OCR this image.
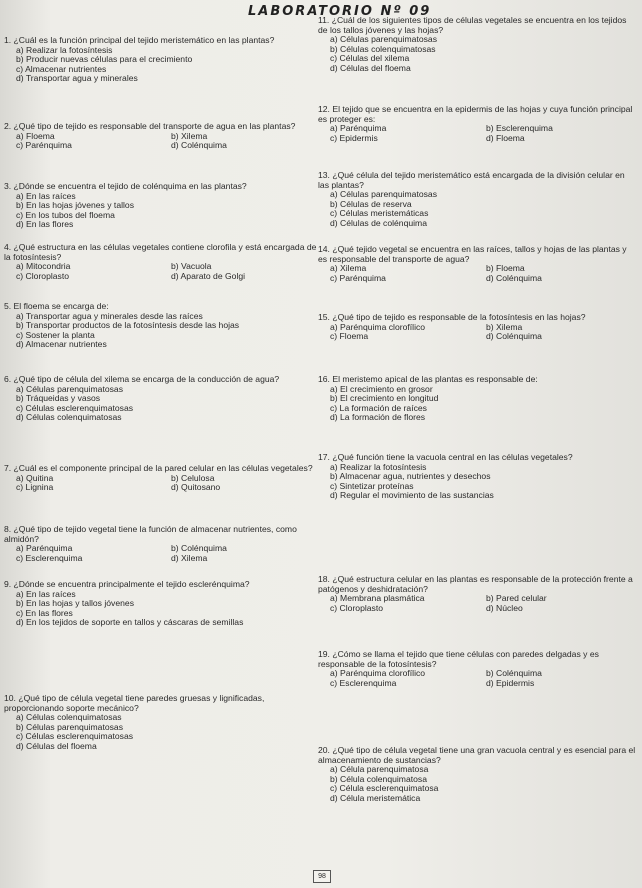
LABORATORIO Nº 09
1. ¿Cuál es la función principal del tejido meristemático en las plantas?
a) Realizar la fotosíntesis
b) Producir nuevas células para el crecimiento
c) Almacenar nutrientes
d) Transportar agua y minerales
2. ¿Qué tipo de tejido es responsable del transporte de agua en las plantas?
a) Floema	b) Xilema
c) Parénquima	d) Colénquima
3. ¿Dónde se encuentra el tejido de colénquima en las plantas?
a) En las raíces
b) En las hojas jóvenes y tallos
c) En los tubos del floema
d) En las flores
4. ¿Qué estructura en las células vegetales contiene clorofila y está encargada de la fotosíntesis?
a) Mitocondria	b) Vacuola
c) Cloroplasto	d) Aparato de Golgi
5. El floema se encarga de:
a) Transportar agua y minerales desde las raíces
b) Transportar productos de la fotosíntesis desde las hojas
c) Sostener la planta
d) Almacenar nutrientes
6. ¿Qué tipo de célula del xilema se encarga de la conducción de agua?
a) Células parenquimatosas
b) Tráqueidas y vasos
c) Células esclerenquimatosas
d) Células colenquimatosas
7. ¿Cuál es el componente principal de la pared celular en las células vegetales?
a) Quitina	b) Celulosa
c) Lignina	d) Quitosano
8. ¿Qué tipo de tejido vegetal tiene la función de almacenar nutrientes, como almidón?
a) Parénquima	b) Colénquima
c) Esclerenquima	d) Xilema
9. ¿Dónde se encuentra principalmente el tejido esclerénquima?
a) En las raíces
b) En las hojas y tallos jóvenes
c) En las flores
d) En los tejidos de soporte en tallos y cáscaras de semillas
10. ¿Qué tipo de célula vegetal tiene paredes gruesas y lignificadas, proporcionando soporte mecánico?
a) Células colenquimatosas
b) Células parenquimatosas
c) Células esclerenquimatosas
d) Células del floema
11. ¿Cuál de los siguientes tipos de células vegetales se encuentra en los tejidos de los tallos jóvenes y las hojas?
a) Células parenquimatosas
b) Células colenquimatosas
c) Células del xilema
d) Células del floema
12. El tejido que se encuentra en la epidermis de las hojas y cuya función principal es proteger es:
a) Parénquima	b) Esclerenquima
c) Epidermis	d) Floema
13. ¿Qué célula del tejido meristemático está encargada de la división celular en las plantas?
a) Células parenquimatosas
b) Células de reserva
c) Células meristemáticas
d) Células de colénquima
14. ¿Qué tejido vegetal se encuentra en las raíces, tallos y hojas de las plantas y es responsable del transporte de agua?
a) Xilema	b) Floema
c) Parénquima	d) Colénquima
15. ¿Qué tipo de tejido es responsable de la fotosíntesis en las hojas?
a) Parénquima clorofílico	b) Xilema
c) Floema	d) Colénquima
16. El meristemo apical de las plantas es responsable de:
a) El crecimiento en grosor
b) El crecimiento en longitud
c) La formación de raíces
d) La formación de flores
17. ¿Qué función tiene la vacuola central en las células vegetales?
a) Realizar la fotosíntesis
b) Almacenar agua, nutrientes y desechos
c) Sintetizar proteínas
d) Regular el movimiento de las sustancias
18. ¿Qué estructura celular en las plantas es responsable de la protección frente a patógenos y deshidratación?
a) Membrana plasmática	b) Pared celular
c) Cloroplasto	d) Núcleo
19. ¿Cómo se llama el tejido que tiene células con paredes delgadas y es responsable de la fotosíntesis?
a) Parénquima clorofílico	b) Colénquima
c) Esclerenquima	d) Epidermis
20. ¿Qué tipo de célula vegetal tiene una gran vacuola central y es esencial para el almacenamiento de sustancias?
a) Célula parenquimatosa
b) Célula colenquimatosa
c) Célula esclerenquimatosa
d) Célula meristemática
98
